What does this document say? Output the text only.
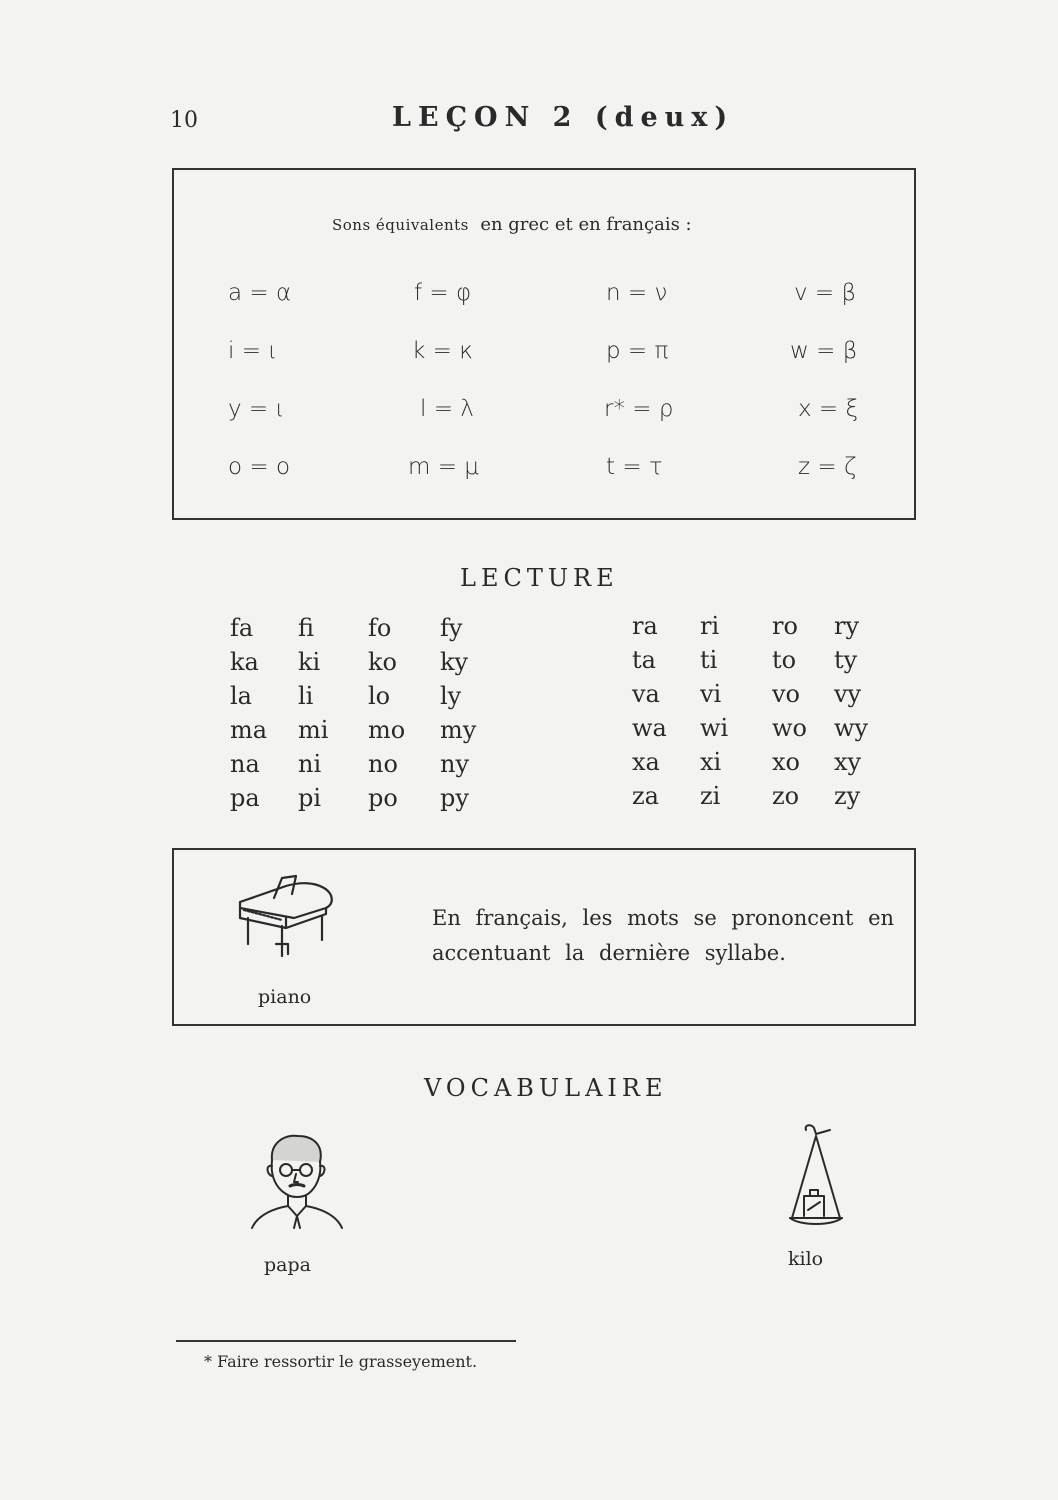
10	LEÇON 2 (deux)
Sons équivalents en grec et en français :
a = α	f = φ	n = ν	v = β
i = ι	k = κ	p = π	w = β
y = ι	l = λ	r* = ρ	x = ξ
o = o	m = μ	t = τ	z = ζ
LECTURE
fa fi fo fy
ka ki ko ky
la li lo ly
ma mi mo my
na ni no ny
pa pi po py
ra ri ro ry
ta ti to ty
va vi vo vy
wa wi wo wy
xa xi xo xy
za zi zo zy
piano
En français, les mots se prononcent en
accentuant la dernière syllabe.
VOCABULAIRE
papa	kilo
* Faire ressortir le grasseyement.
